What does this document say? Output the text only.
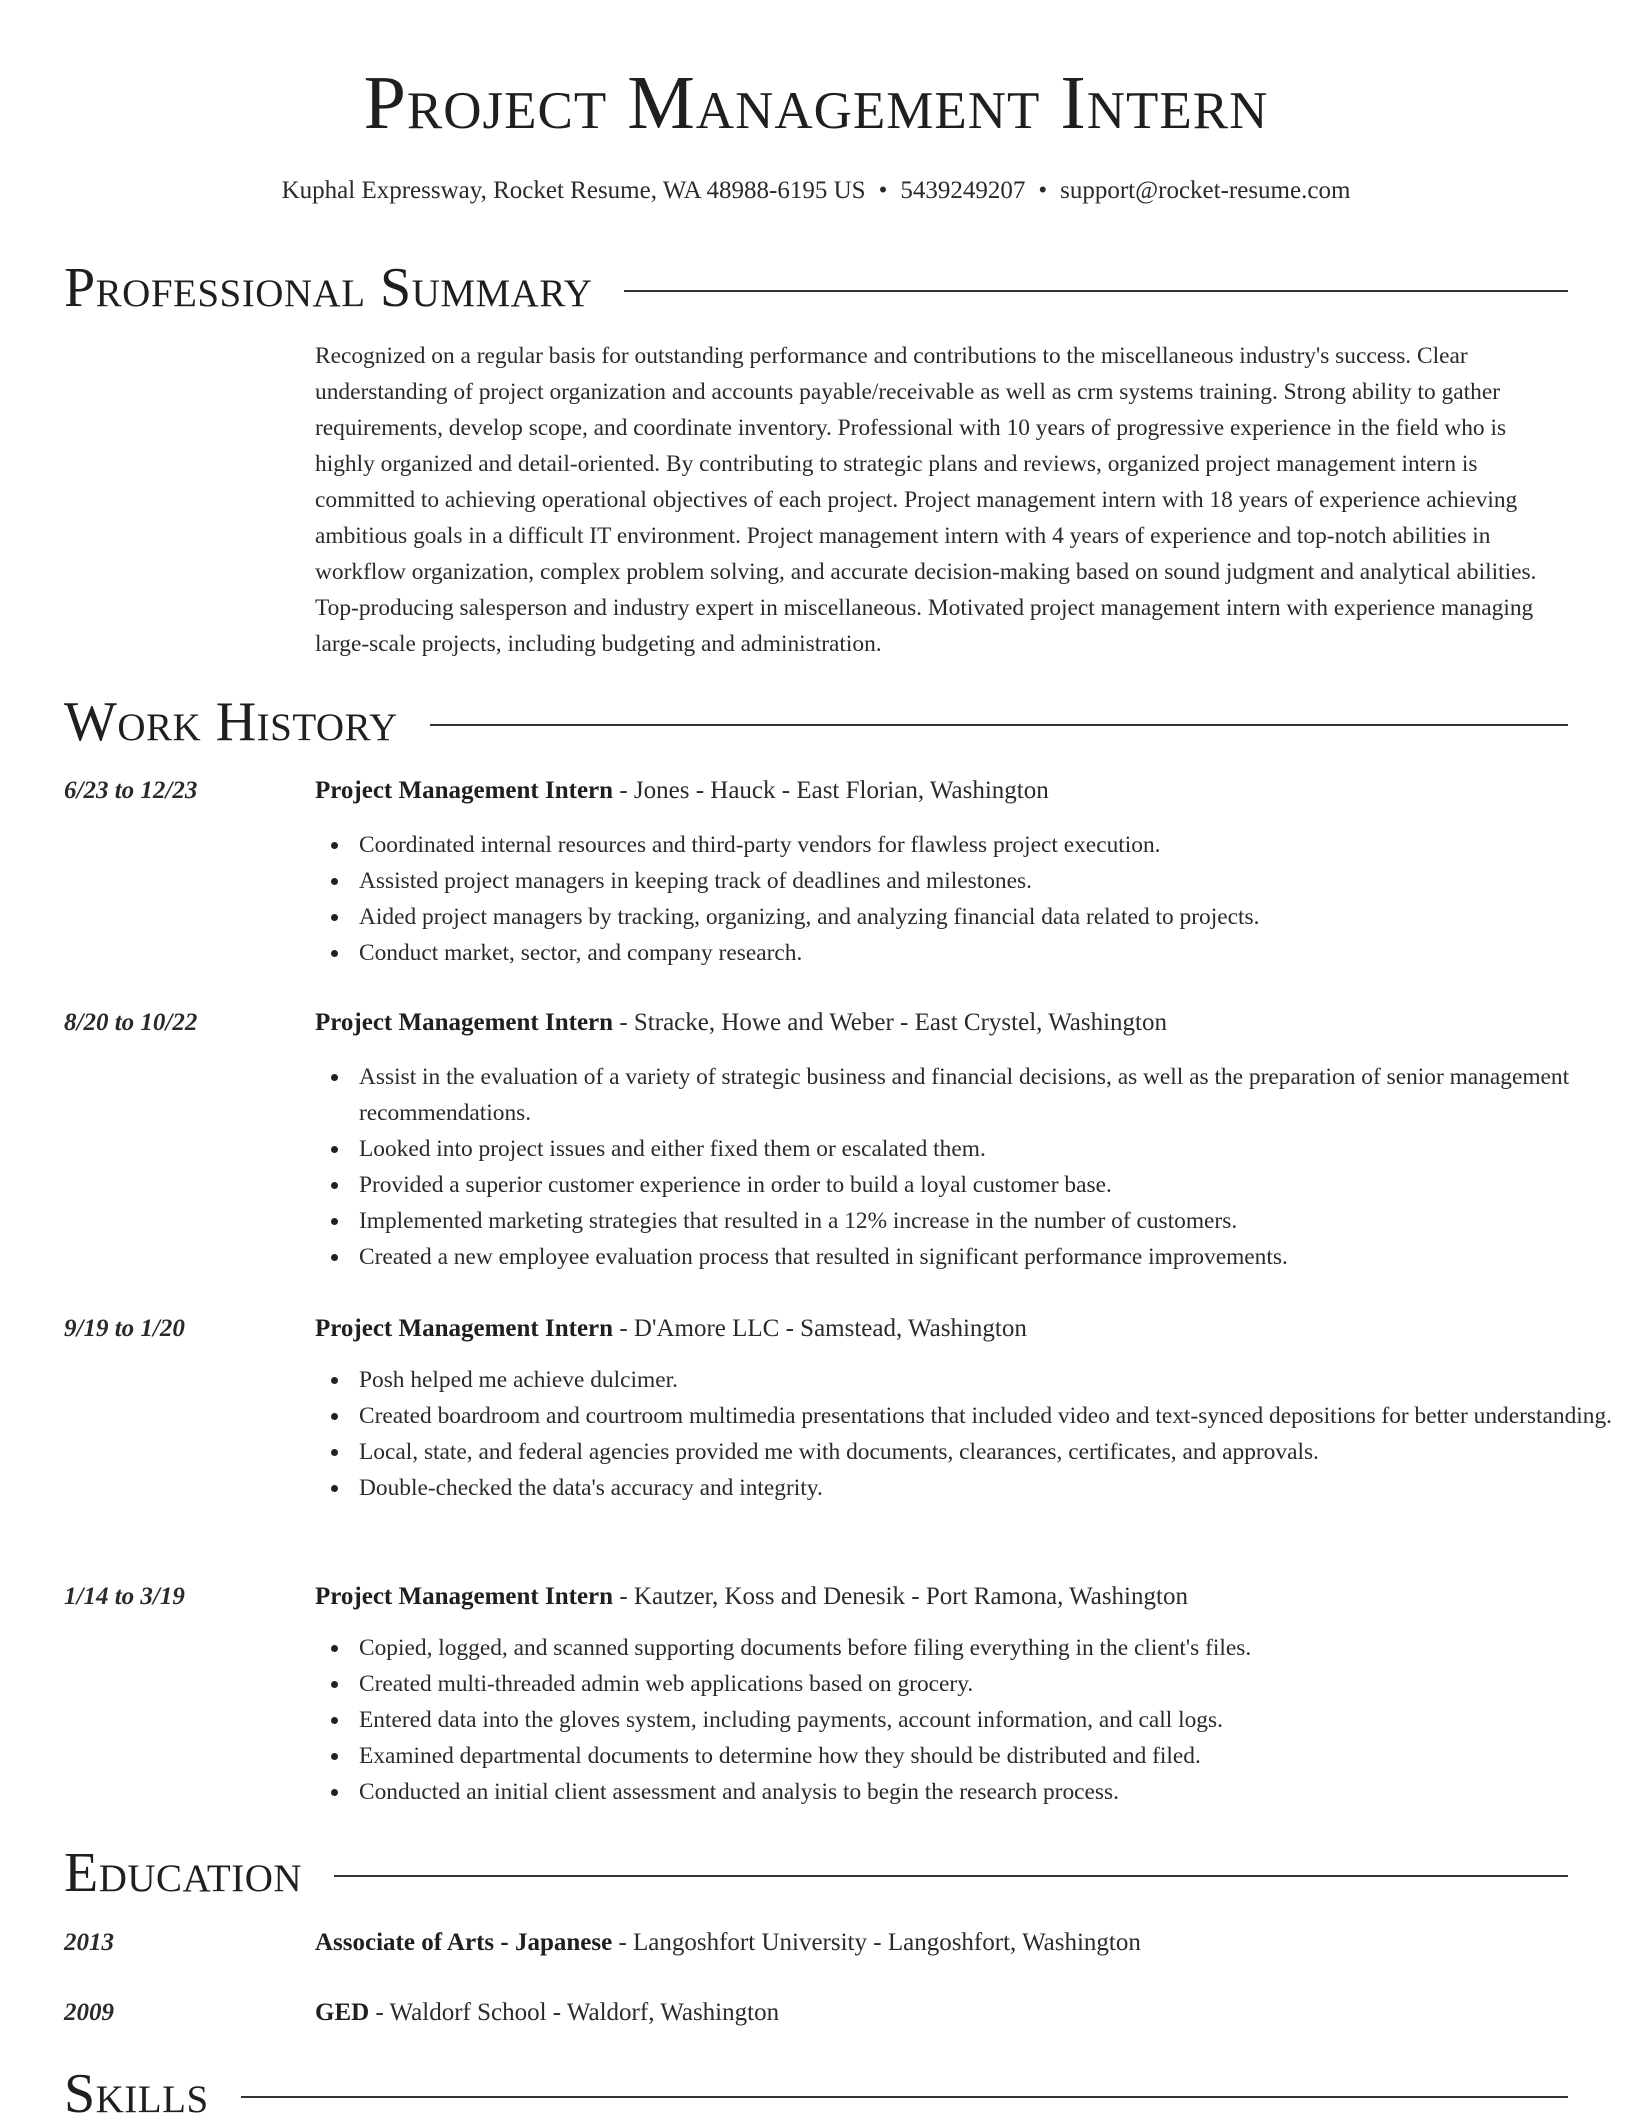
Project Management Intern
Kuphal Expressway, Rocket Resume, WA 48988-6195 US • 5439249207 • support@rocket-resume.com
Professional Summary

Recognized on a regular basis for outstanding performance and contributions to the miscellaneous industry's success. Clear understanding of project organization and accounts payable/receivable as well as crm systems training. Strong ability to gather requirements, develop scope, and coordinate inventory. Professional with 10 years of progressive experience in the field who is highly organized and detail-oriented. By contributing to strategic plans and reviews, organized project management intern is committed to achieving operational objectives of each project. Project management intern with 18 years of experience achieving ambitious goals in a difficult IT environment. Project management intern with 4 years of experience and top-notch abilities in workflow organization, complex problem solving, and accurate decision-making based on sound judgment and analytical abilities. Top-producing salesperson and industry expert in miscellaneous. Motivated project management intern with experience managing large-scale projects, including budgeting and administration.

Work History
6/23 to 12/23	Project Management Intern - Jones - Hauck - East Florian, Washington
Coordinated internal resources and third-party vendors for flawless project execution.
Assisted project managers in keeping track of deadlines and milestones.
Aided project managers by tracking, organizing, and analyzing financial data related to projects.
Conduct market, sector, and company research.
8/20 to 10/22	Project Management Intern - Stracke, Howe and Weber - East Crystel, Washington
Assist in the evaluation of a variety of strategic business and financial decisions, as well as the preparation of senior management recommendations.
Looked into project issues and either fixed them or escalated them.
Provided a superior customer experience in order to build a loyal customer base.
Implemented marketing strategies that resulted in a 12% increase in the number of customers.
Created a new employee evaluation process that resulted in significant performance improvements.
9/19 to 1/20	Project Management Intern - D'Amore LLC - Samstead, Washington
Posh helped me achieve dulcimer.
Created boardroom and courtroom multimedia presentations that included video and text-synced depositions for better understanding.
Local, state, and federal agencies provided me with documents, clearances, certificates, and approvals.
Double-checked the data's accuracy and integrity.
1/14 to 3/19	Project Management Intern - Kautzer, Koss and Denesik - Port Ramona, Washington
Copied, logged, and scanned supporting documents before filing everything in the client's files.
Created multi-threaded admin web applications based on grocery.
Entered data into the gloves system, including payments, account information, and call logs.
Examined departmental documents to determine how they should be distributed and filed.
Conducted an initial client assessment and analysis to begin the research process.
Education
2013	Associate of Arts - Japanese - Langoshfort University - Langoshfort, Washington
2009	GED - Waldorf School - Waldorf, Washington
Skills
